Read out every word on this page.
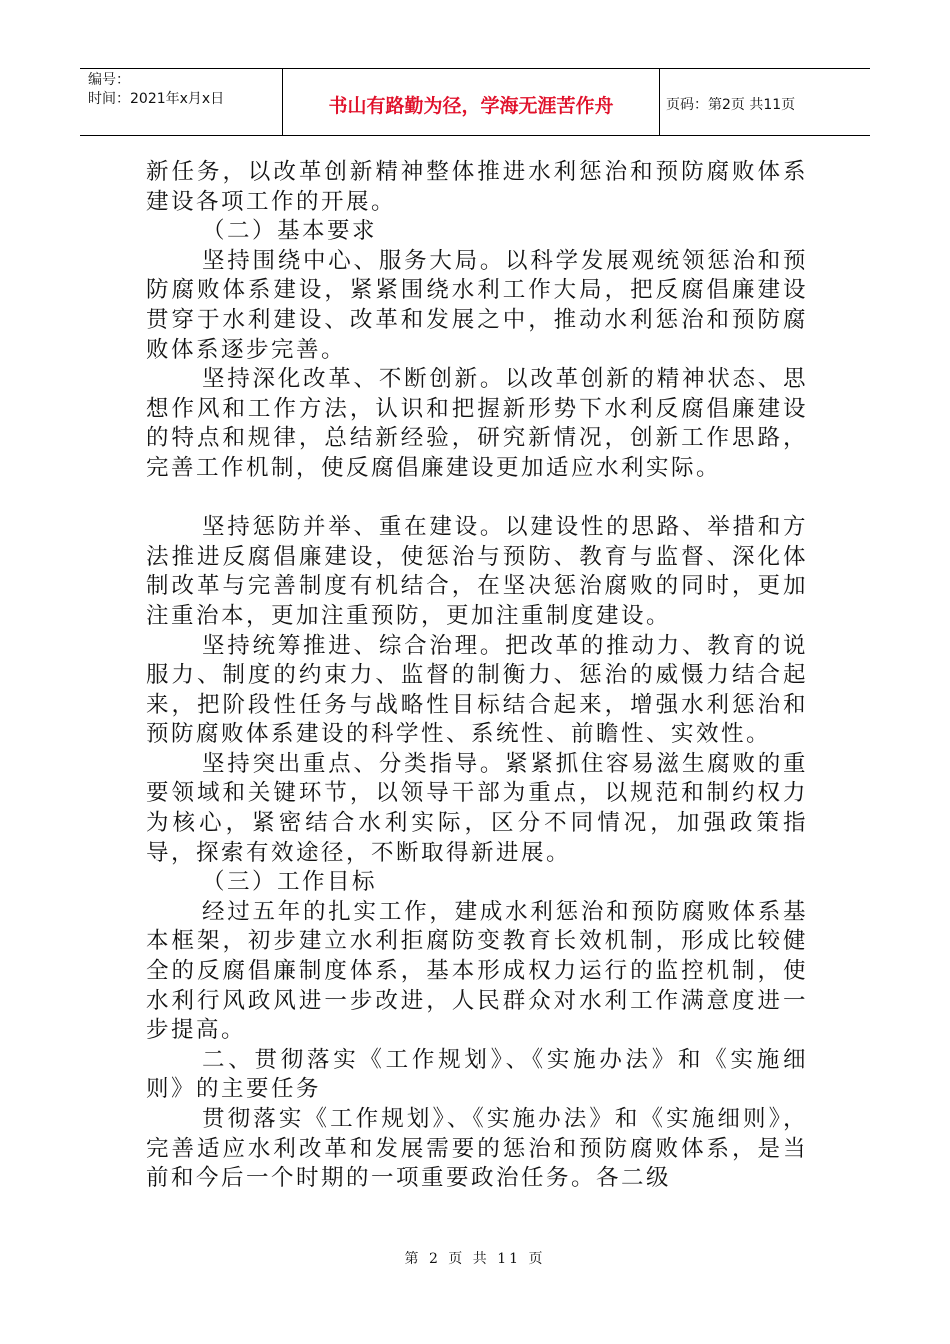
编号：
时间：2021年x月x日	书山有路勤为径，学海无涯苦作舟	页码：第2页 共11页

新任务，以改革创新精神整体推进水利惩治和预防腐败体系建设各项工作的开展。

（二）基本要求

坚持围绕中心、服务大局。以科学发展观统领惩治和预防腐败体系建设，紧紧围绕水利工作大局，把反腐倡廉建设贯穿于水利建设、改革和发展之中，推动水利惩治和预防腐败体系逐步完善。

坚持深化改革、不断创新。以改革创新的精神状态、思想作风和工作方法，认识和把握新形势下水利反腐倡廉建设的特点和规律，总结新经验，研究新情况，创新工作思路，完善工作机制，使反腐倡廉建设更加适应水利实际。

坚持惩防并举、重在建设。以建设性的思路、举措和方法推进反腐倡廉建设，使惩治与预防、教育与监督、深化体制改革与完善制度有机结合，在坚决惩治腐败的同时，更加注重治本，更加注重预防，更加注重制度建设。

坚持统筹推进、综合治理。把改革的推动力、教育的说服力、制度的约束力、监督的制衡力、惩治的威慑力结合起来，把阶段性任务与战略性目标结合起来，增强水利惩治和预防腐败体系建设的科学性、系统性、前瞻性、实效性。

坚持突出重点、分类指导。紧紧抓住容易滋生腐败的重要领域和关键环节，以领导干部为重点，以规范和制约权力为核心，紧密结合水利实际，区分不同情况，加强政策指导，探索有效途径，不断取得新进展。

（三）工作目标

经过五年的扎实工作，建成水利惩治和预防腐败体系基本框架，初步建立水利拒腐防变教育长效机制，形成比较健全的反腐倡廉制度体系，基本形成权力运行的监控机制，使水利行风政风进一步改进，人民群众对水利工作满意度进一步提高。

二、贯彻落实《工作规划》、《实施办法》和《实施细则》的主要任务

贯彻落实《工作规划》、《实施办法》和《实施细则》，完善适应水利改革和发展需要的惩治和预防腐败体系，是当前和今后一个时期的一项重要政治任务。各二级

第 2 页 共 11 页
